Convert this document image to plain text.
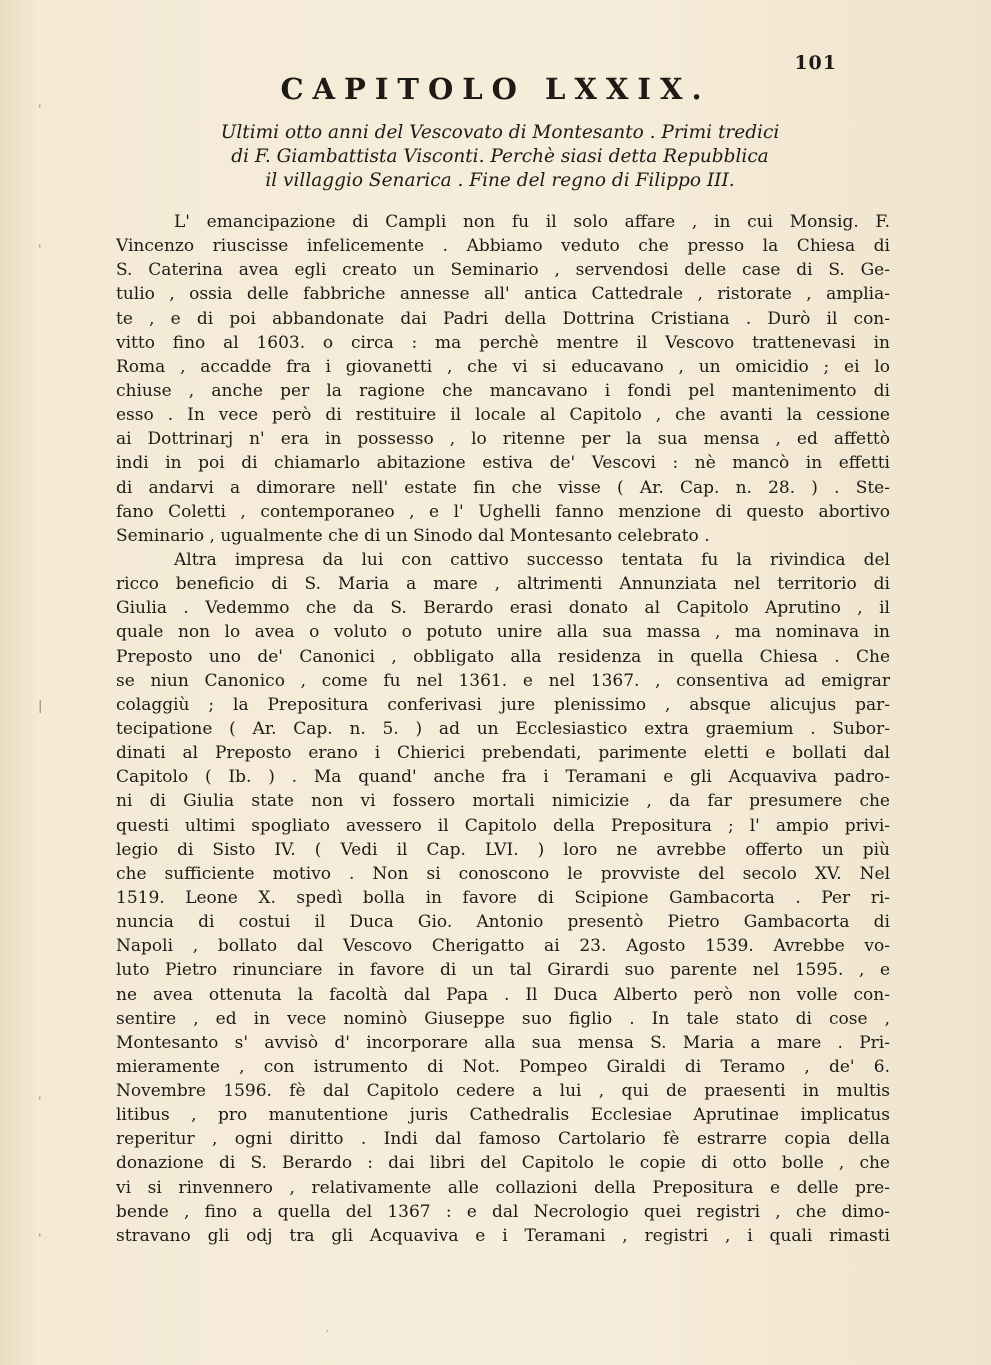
101
CAPITOLO LXXIX.
Ultimi otto anni del Vescovato di Montesanto . Primi tredici
di F. Giambattista Visconti. Perchè siasi detta Repubblica
il villaggio Senarica . Fine del regno di Filippo III.
L' emancipazione di Campli non fu il solo affare , in cui Monsig. F.
Vincenzo riuscisse infelicemente . Abbiamo veduto che presso la Chiesa di
S. Caterina avea egli creato un Seminario , servendosi delle case di S. Ge-
tulio , ossia delle fabbriche annesse all' antica Cattedrale , ristorate , amplia-
te , e di poi abbandonate dai Padri della Dottrina Cristiana . Durò il con-
vitto fino al 1603. o circa : ma perchè mentre il Vescovo trattenevasi in
Roma , accadde fra i giovanetti , che vi si educavano , un omicidio ; ei lo
chiuse , anche per la ragione che mancavano i fondi pel mantenimento di
esso . In vece però di restituire il locale al Capitolo , che avanti la cessione
ai Dottrinarj n' era in possesso , lo ritenne per la sua mensa , ed affettò
indi in poi di chiamarlo abitazione estiva de' Vescovi : nè mancò in effetti
di andarvi a dimorare nell' estate fin che visse ( Ar. Cap. n. 28. ) . Ste-
fano Coletti , contemporaneo , e l' Ughelli fanno menzione di questo abortivo
Seminario , ugualmente che di un Sinodo dal Montesanto celebrato .
Altra impresa da lui con cattivo successo tentata fu la rivindica del
ricco beneficio di S. Maria a mare , altrimenti Annunziata nel territorio di
Giulia . Vedemmo che da S. Berardo erasi donato al Capitolo Aprutino , il
quale non lo avea o voluto o potuto unire alla sua massa , ma nominava in
Preposto uno de' Canonici , obbligato alla residenza in quella Chiesa . Che
se niun Canonico , come fu nel 1361. e nel 1367. , consentiva ad emigrar
colaggiù ; la Prepositura conferivasi jure plenissimo , absque alicujus par-
tecipatione ( Ar. Cap. n. 5. ) ad un Ecclesiastico extra graemium . Subor-
dinati al Preposto erano i Chierici prebendati, parimente eletti e bollati dal
Capitolo ( Ib. ) . Ma quand' anche fra i Teramani e gli Acquaviva padro-
ni di Giulia state non vi fossero mortali nimicizie , da far presumere che
questi ultimi spogliato avessero il Capitolo della Prepositura ; l' ampio privi-
legio di Sisto IV. ( Vedi il Cap. LVI. ) loro ne avrebbe offerto un più
che sufficiente motivo . Non si conoscono le provviste del secolo XV. Nel
1519. Leone X. spedì bolla in favore di Scipione Gambacorta . Per ri-
nuncia di costui il Duca Gio. Antonio presentò Pietro Gambacorta di
Napoli , bollato dal Vescovo Cherigatto ai 23. Agosto 1539. Avrebbe vo-
luto Pietro rinunciare in favore di un tal Girardi suo parente nel 1595. , e
ne avea ottenuta la facoltà dal Papa . Il Duca Alberto però non volle con-
sentire , ed in vece nominò Giuseppe suo figlio . In tale stato di cose ,
Montesanto s' avvisò d' incorporare alla sua mensa S. Maria a mare . Pri-
mieramente , con istrumento di Not. Pompeo Giraldi di Teramo , de' 6.
Novembre 1596. fè dal Capitolo cedere a lui , qui de praesenti in multis
litibus , pro manutentione juris Cathedralis Ecclesiae Aprutinae implicatus
reperitur , ogni diritto . Indi dal famoso Cartolario fè estrarre copia della
donazione di S. Berardo : dai libri del Capitolo le copie di otto bolle , che
vi si rinvennero , relativamente alle collazioni della Prepositura e delle pre-
bende , fino a quella del 1367 : e dal Necrologio quei registri , che dimo-
stravano gli odj tra gli Acquaviva e i Teramani , registri , i quali rimasti
ˌ
ˌ
|
ˌ
ˌ
′
